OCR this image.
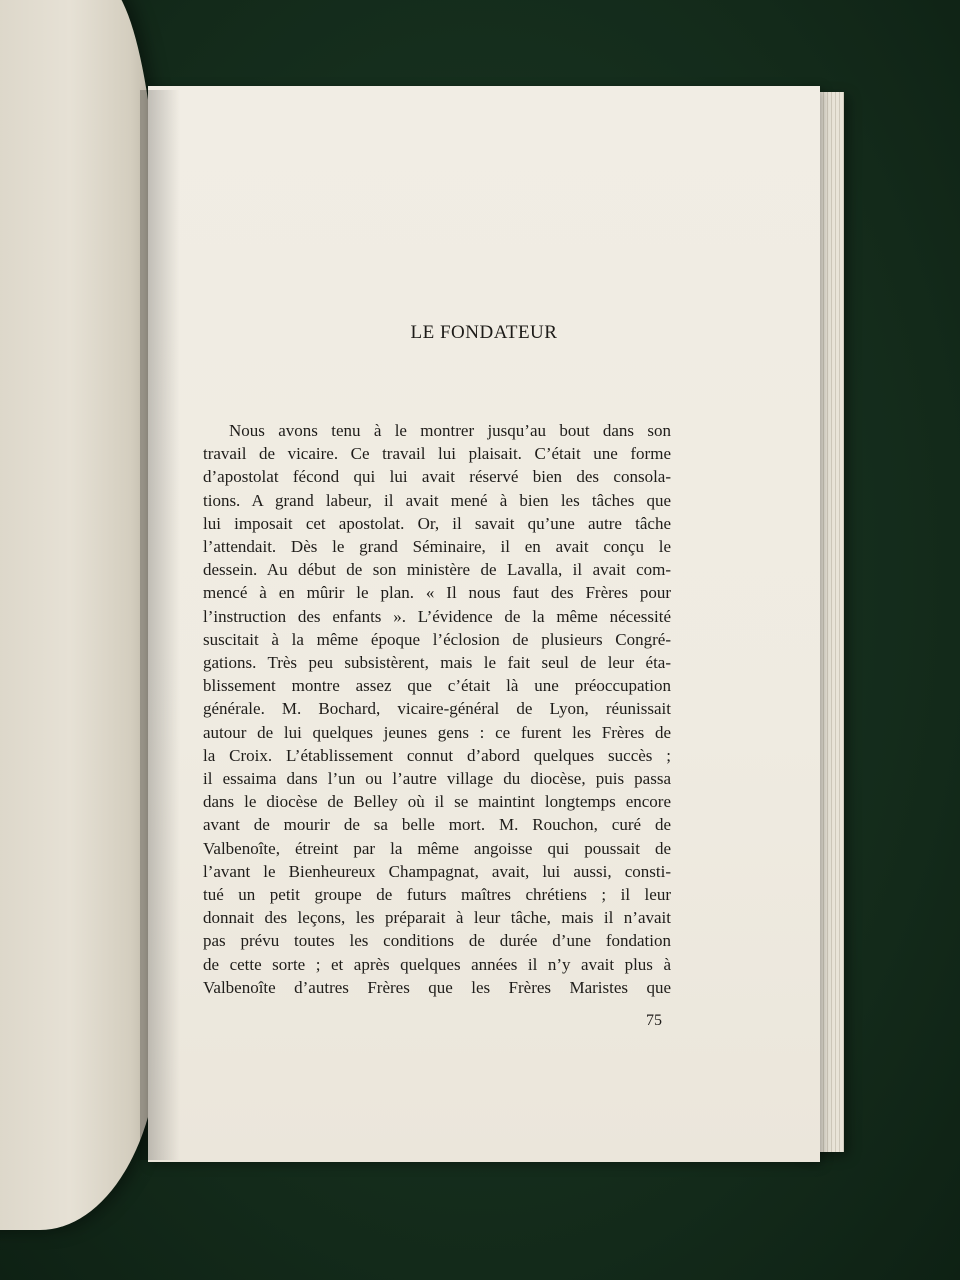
LE FONDATEUR
Nous avons tenu à le montrer jusqu’au bout dans son
travail de vicaire. Ce travail lui plaisait. C’était une forme
d’apostolat fécond qui lui avait réservé bien des consola-
tions. A grand labeur, il avait mené à bien les tâches que
lui imposait cet apostolat. Or, il savait qu’une autre tâche
l’attendait. Dès le grand Séminaire, il en avait conçu le
dessein. Au début de son ministère de Lavalla, il avait com-
mencé à en mûrir le plan. « Il nous faut des Frères pour
l’instruction des enfants ». L’évidence de la même nécessité
suscitait à la même époque l’éclosion de plusieurs Congré-
gations. Très peu subsistèrent, mais le fait seul de leur éta-
blissement montre assez que c’était là une préoccupation
générale. M. Bochard, vicaire-général de Lyon, réunissait
autour de lui quelques jeunes gens : ce furent les Frères de
la Croix. L’établissement connut d’abord quelques succès ;
il essaima dans l’un ou l’autre village du diocèse, puis passa
dans le diocèse de Belley où il se maintint longtemps encore
avant de mourir de sa belle mort. M. Rouchon, curé de
Valbenoîte, étreint par la même angoisse qui poussait de
l’avant le Bienheureux Champagnat, avait, lui aussi, consti-
tué un petit groupe de futurs maîtres chrétiens ; il leur
donnait des leçons, les préparait à leur tâche, mais il n’avait
pas prévu toutes les conditions de durée d’une fondation
de cette sorte ; et après quelques années il n’y avait plus à
Valbenoîte d’autres Frères que les Frères Maristes que
75
